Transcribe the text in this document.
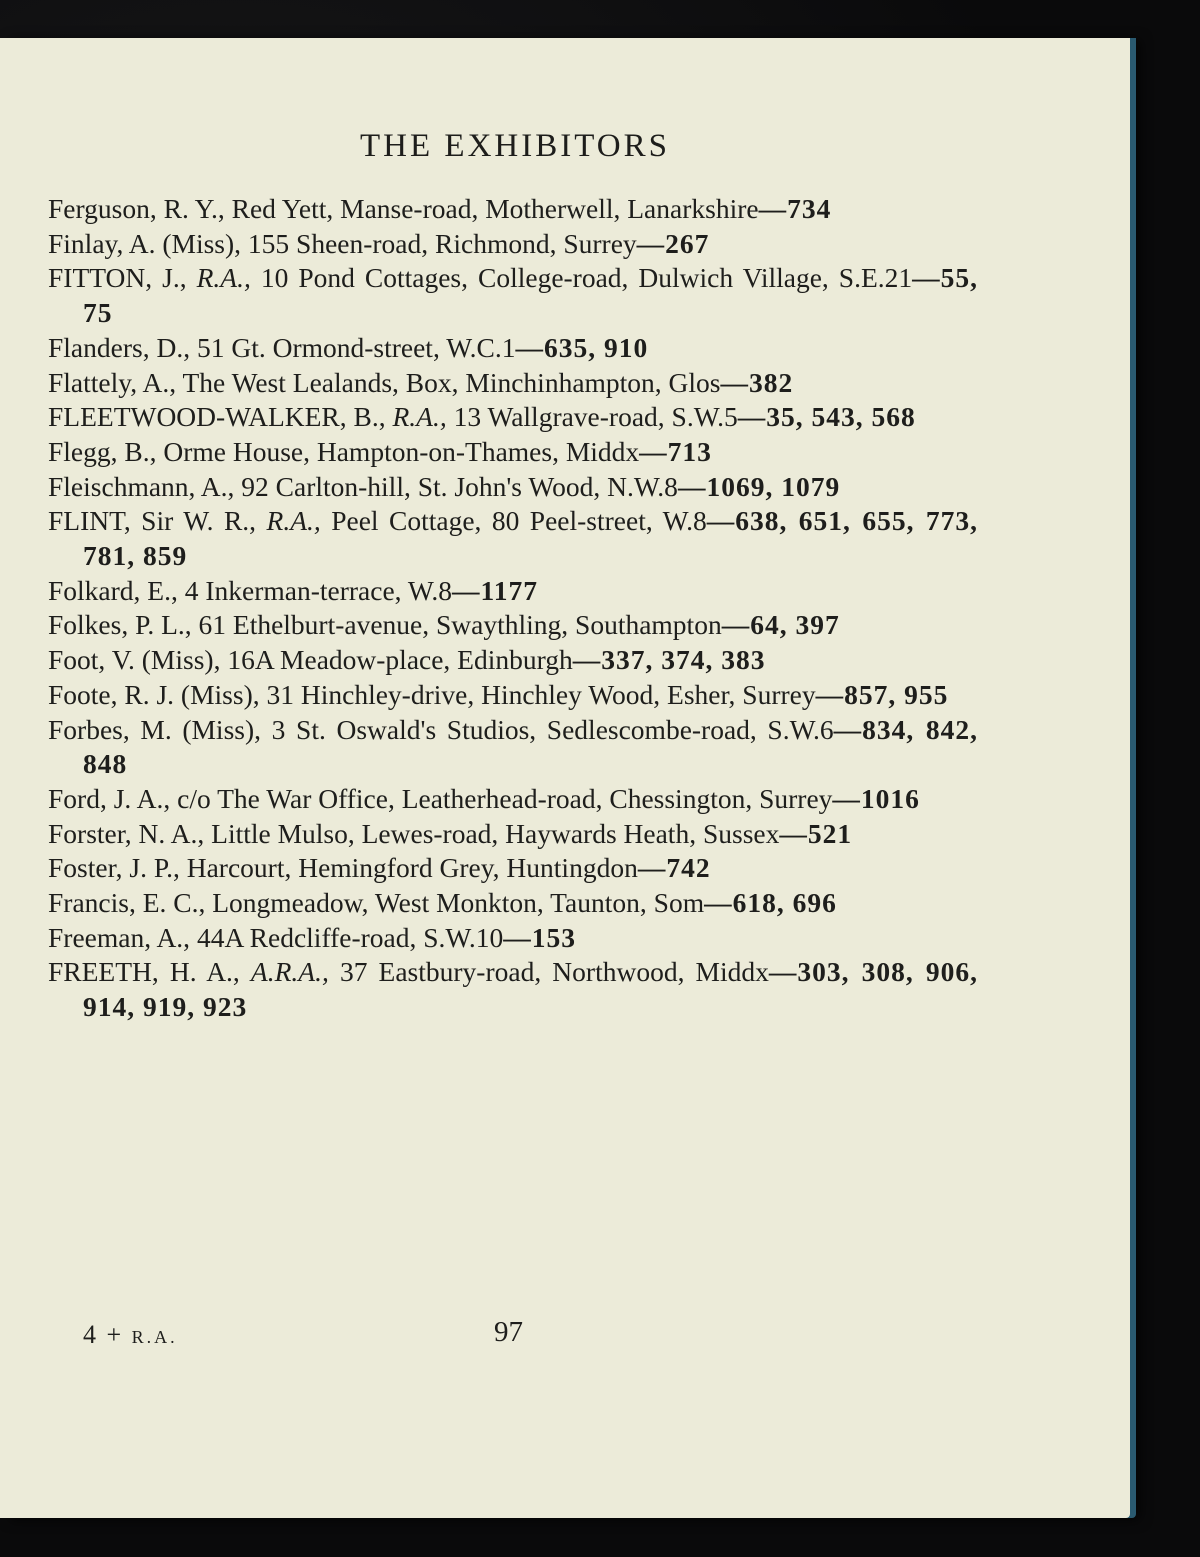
THE EXHIBITORS
Ferguson, R. Y., Red Yett, Manse-road, Motherwell, Lanarkshire—734
Finlay, A. (Miss), 155 Sheen-road, Richmond, Surrey—267
FITTON, J., R.A., 10 Pond Cottages, College-road, Dulwich Village, S.E.21—55, 75
Flanders, D., 51 Gt. Ormond-street, W.C.1—635, 910
Flattely, A., The West Lealands, Box, Minchinhampton, Glos—382
FLEETWOOD-WALKER, B., R.A., 13 Wallgrave-road, S.W.5—35, 543, 568
Flegg, B., Orme House, Hampton-on-Thames, Middx—713
Fleischmann, A., 92 Carlton-hill, St. John's Wood, N.W.8—1069, 1079
FLINT, Sir W. R., R.A., Peel Cottage, 80 Peel-street, W.8—638, 651, 655, 773, 781, 859
Folkard, E., 4 Inkerman-terrace, W.8—1177
Folkes, P. L., 61 Ethelburt-avenue, Swaythling, Southampton—64, 397
Foot, V. (Miss), 16A Meadow-place, Edinburgh—337, 374, 383
Foote, R. J. (Miss), 31 Hinchley-drive, Hinchley Wood, Esher, Surrey—857, 955
Forbes, M. (Miss), 3 St. Oswald's Studios, Sedlescombe-road, S.W.6—834, 842, 848
Ford, J. A., c/o The War Office, Leatherhead-road, Chessington, Surrey—1016
Forster, N. A., Little Mulso, Lewes-road, Haywards Heath, Sussex—521
Foster, J. P., Harcourt, Hemingford Grey, Huntingdon—742
Francis, E. C., Longmeadow, West Monkton, Taunton, Som—618, 696
Freeman, A., 44A Redcliffe-road, S.W.10—153
FREETH, H. A., A.R.A., 37 Eastbury-road, Northwood, Middx—303, 308, 906, 914, 919, 923
4 + R.A.	97
